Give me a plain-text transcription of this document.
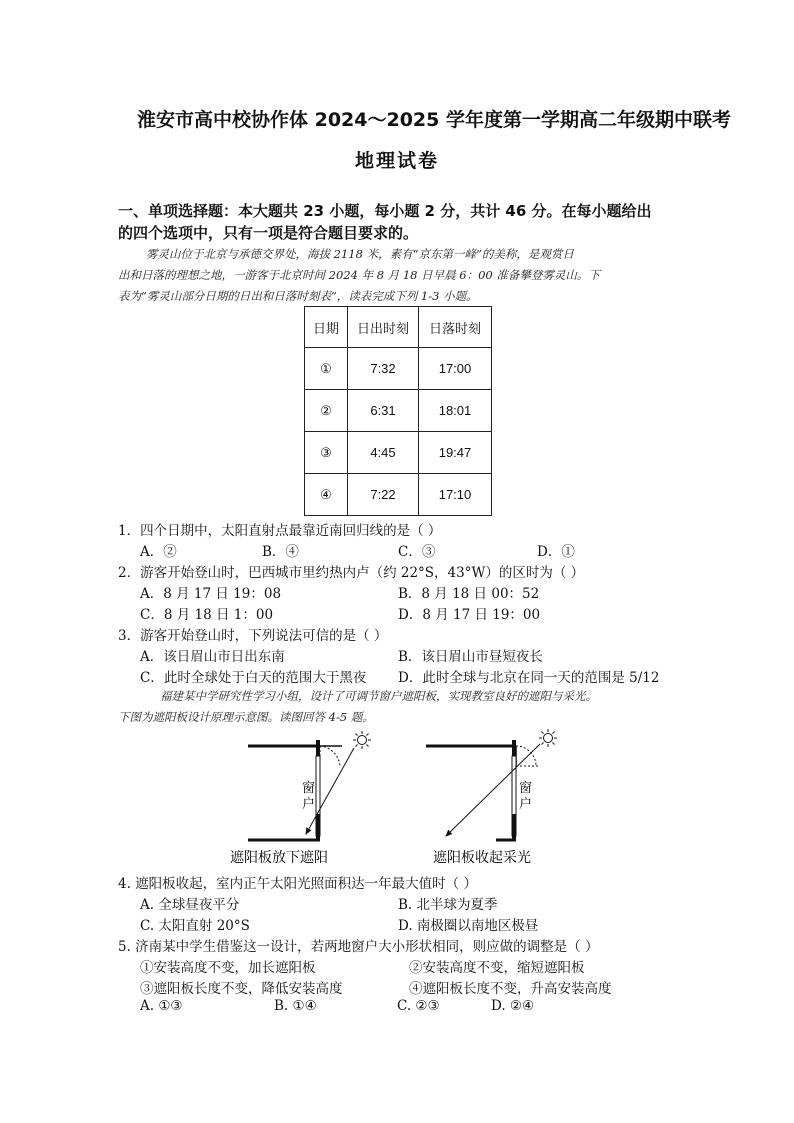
淮安市高中校协作体 2024～2025 学年度第一学期高二年级期中联考
地理试卷
一、单项选择题：本大题共 23 小题，每小题 2 分，共计 46 分。在每小题给出
的四个选项中，只有一项是符合题目要求的。
雾灵山位于北京与承德交界处，海拔 2118 米，素有“京东第一峰”的美称，是观赏日
出和日落的理想之地，一游客于北京时间 2024 年 8 月 18 日早晨 6：00 准备攀登雾灵山。下
表为“雾灵山部分日期的日出和日落时刻表”，读表完成下列 1-3 小题。
日期	日出时刻	日落时刻
①	7:32	17:00
②	6:31	18:01
③	4:45	19:47
④	7:22	17:10
1．四个日期中，太阳直射点最靠近南回归线的是（ ）
A．②	B．④	C．③	D．①
2．游客开始登山时，巴西城市里约热内卢（约 22°S，43°W）的区时为（ ）
A．8 月 17 日 19：08	B．8 月 18 日 00：52
C．8 月 18 日 1：00	D．8 月 17 日 19：00
3．游客开始登山时，下列说法可信的是（ ）
A．该日眉山市日出东南	B．该日眉山市昼短夜长
C．此时全球处于白天的范围大于黑夜 D．此时全球与北京在同一天的范围是 5/12
福建某中学研究性学习小组，设计了可调节窗户遮阳板，实现教室良好的遮阳与采光。
下图为遮阳板设计原理示意图。读图回答 4-5 题。
窗
户
遮阳板放下遮阳
窗
户
遮阳板收起采光
4. 遮阳板收起，室内正午太阳光照面积达一年最大值时（ ）
A. 全球昼夜平分	B. 北半球为夏季
C. 太阳直射 20°S	D. 南极圈以南地区极昼
5. 济南某中学生借鉴这一设计，若两地窗户大小形状相同，则应做的调整是（ ）
①安装高度不变，加长遮阳板	②安装高度不变，缩短遮阳板
③遮阳板长度不变，降低安装高度	④遮阳板长度不变，升高安装高度
A. ①③	B. ①④	C. ②③	D. ②④
